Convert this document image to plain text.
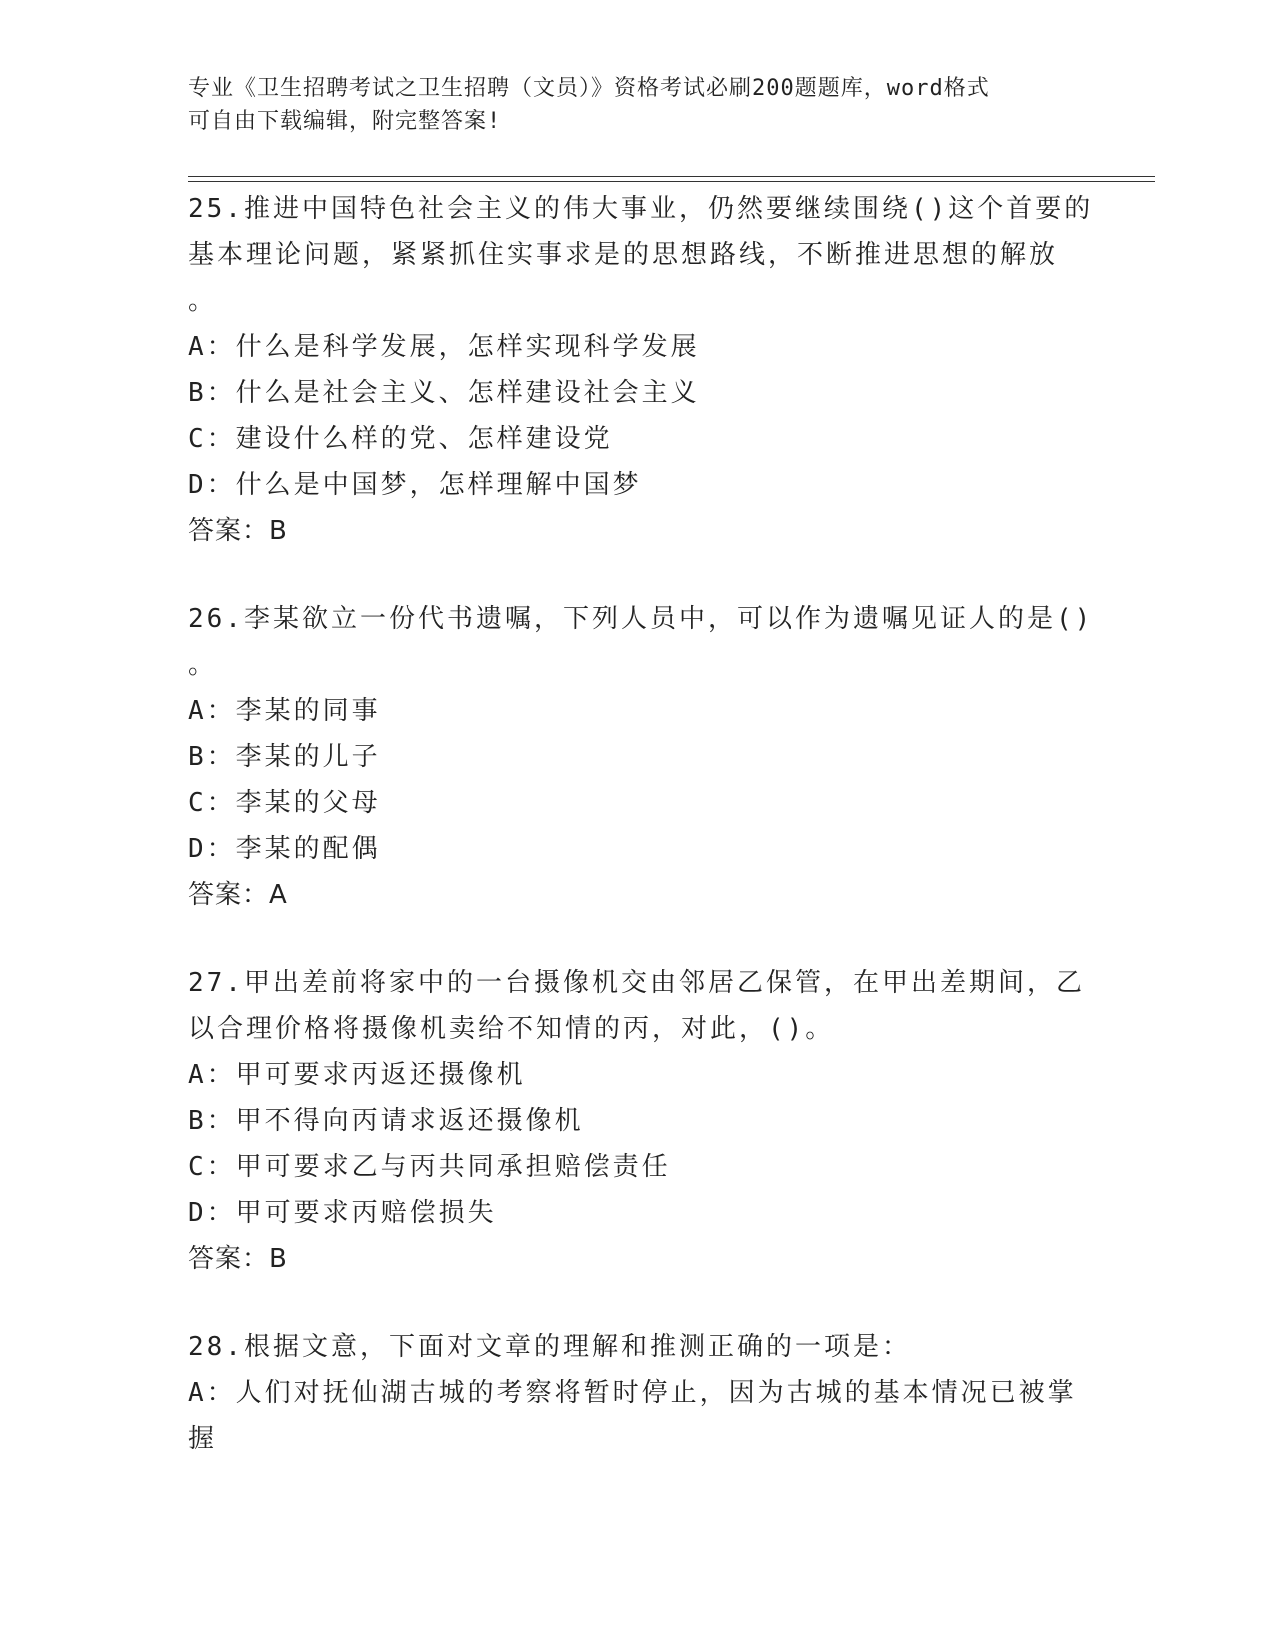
专业《卫生招聘考试之卫生招聘（文员）》资格考试必刷200题题库，word格式
可自由下载编辑，附完整答案!
25.推进中国特色社会主义的伟大事业，仍然要继续围绕()这个首要的
基本理论问题，紧紧抓住实事求是的思想路线，不断推进思想的解放
。
A：什么是科学发展，怎样实现科学发展
B：什么是社会主义、怎样建设社会主义
C：建设什么样的党、怎样建设党
D：什么是中国梦，怎样理解中国梦
答案：B
26.李某欲立一份代书遗嘱，下列人员中，可以作为遗嘱见证人的是()
。
A：李某的同事
B：李某的儿子
C：李某的父母
D：李某的配偶
答案：A
27.甲出差前将家中的一台摄像机交由邻居乙保管，在甲出差期间，乙
以合理价格将摄像机卖给不知情的丙，对此，()。
A：甲可要求丙返还摄像机
B：甲不得向丙请求返还摄像机
C：甲可要求乙与丙共同承担赔偿责任
D：甲可要求丙赔偿损失
答案：B
28.根据文意，下面对文章的理解和推测正确的一项是：
A：人们对抚仙湖古城的考察将暂时停止，因为古城的基本情况已被掌
握
